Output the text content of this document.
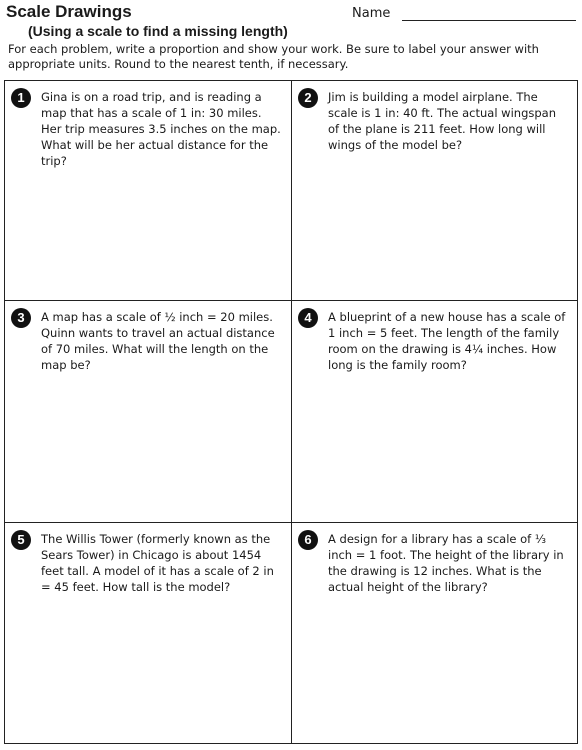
Scale Drawings
(Using a scale to find a missing length)
Name

For each problem, write a proportion and show your work. Be sure to label your answer with appropriate units. Round to the nearest tenth, if necessary.

1	Gina is on a road trip, and is reading a map that has a scale of 1 in: 30 miles. Her trip measures 3.5 inches on the map. What will be her actual distance for the trip?

2	Jim is building a model airplane. The scale is 1 in: 40 ft. The actual wingspan of the plane is 211 feet. How long will wings of the model be?

3	A map has a scale of ½ inch = 20 miles. Quinn wants to travel an actual distance of 70 miles. What will the length on the map be?

4	A blueprint of a new house has a scale of 1 inch = 5 feet. The length of the family room on the drawing is 4¼ inches. How long is the family room?

5	The Willis Tower (formerly known as the Sears Tower) in Chicago is about 1454 feet tall. A model of it has a scale of 2 in = 45 feet. How tall is the model?

6	A design for a library has a scale of ⅓ inch = 1 foot. The height of the library in the drawing is 12 inches. What is the actual height of the library?
